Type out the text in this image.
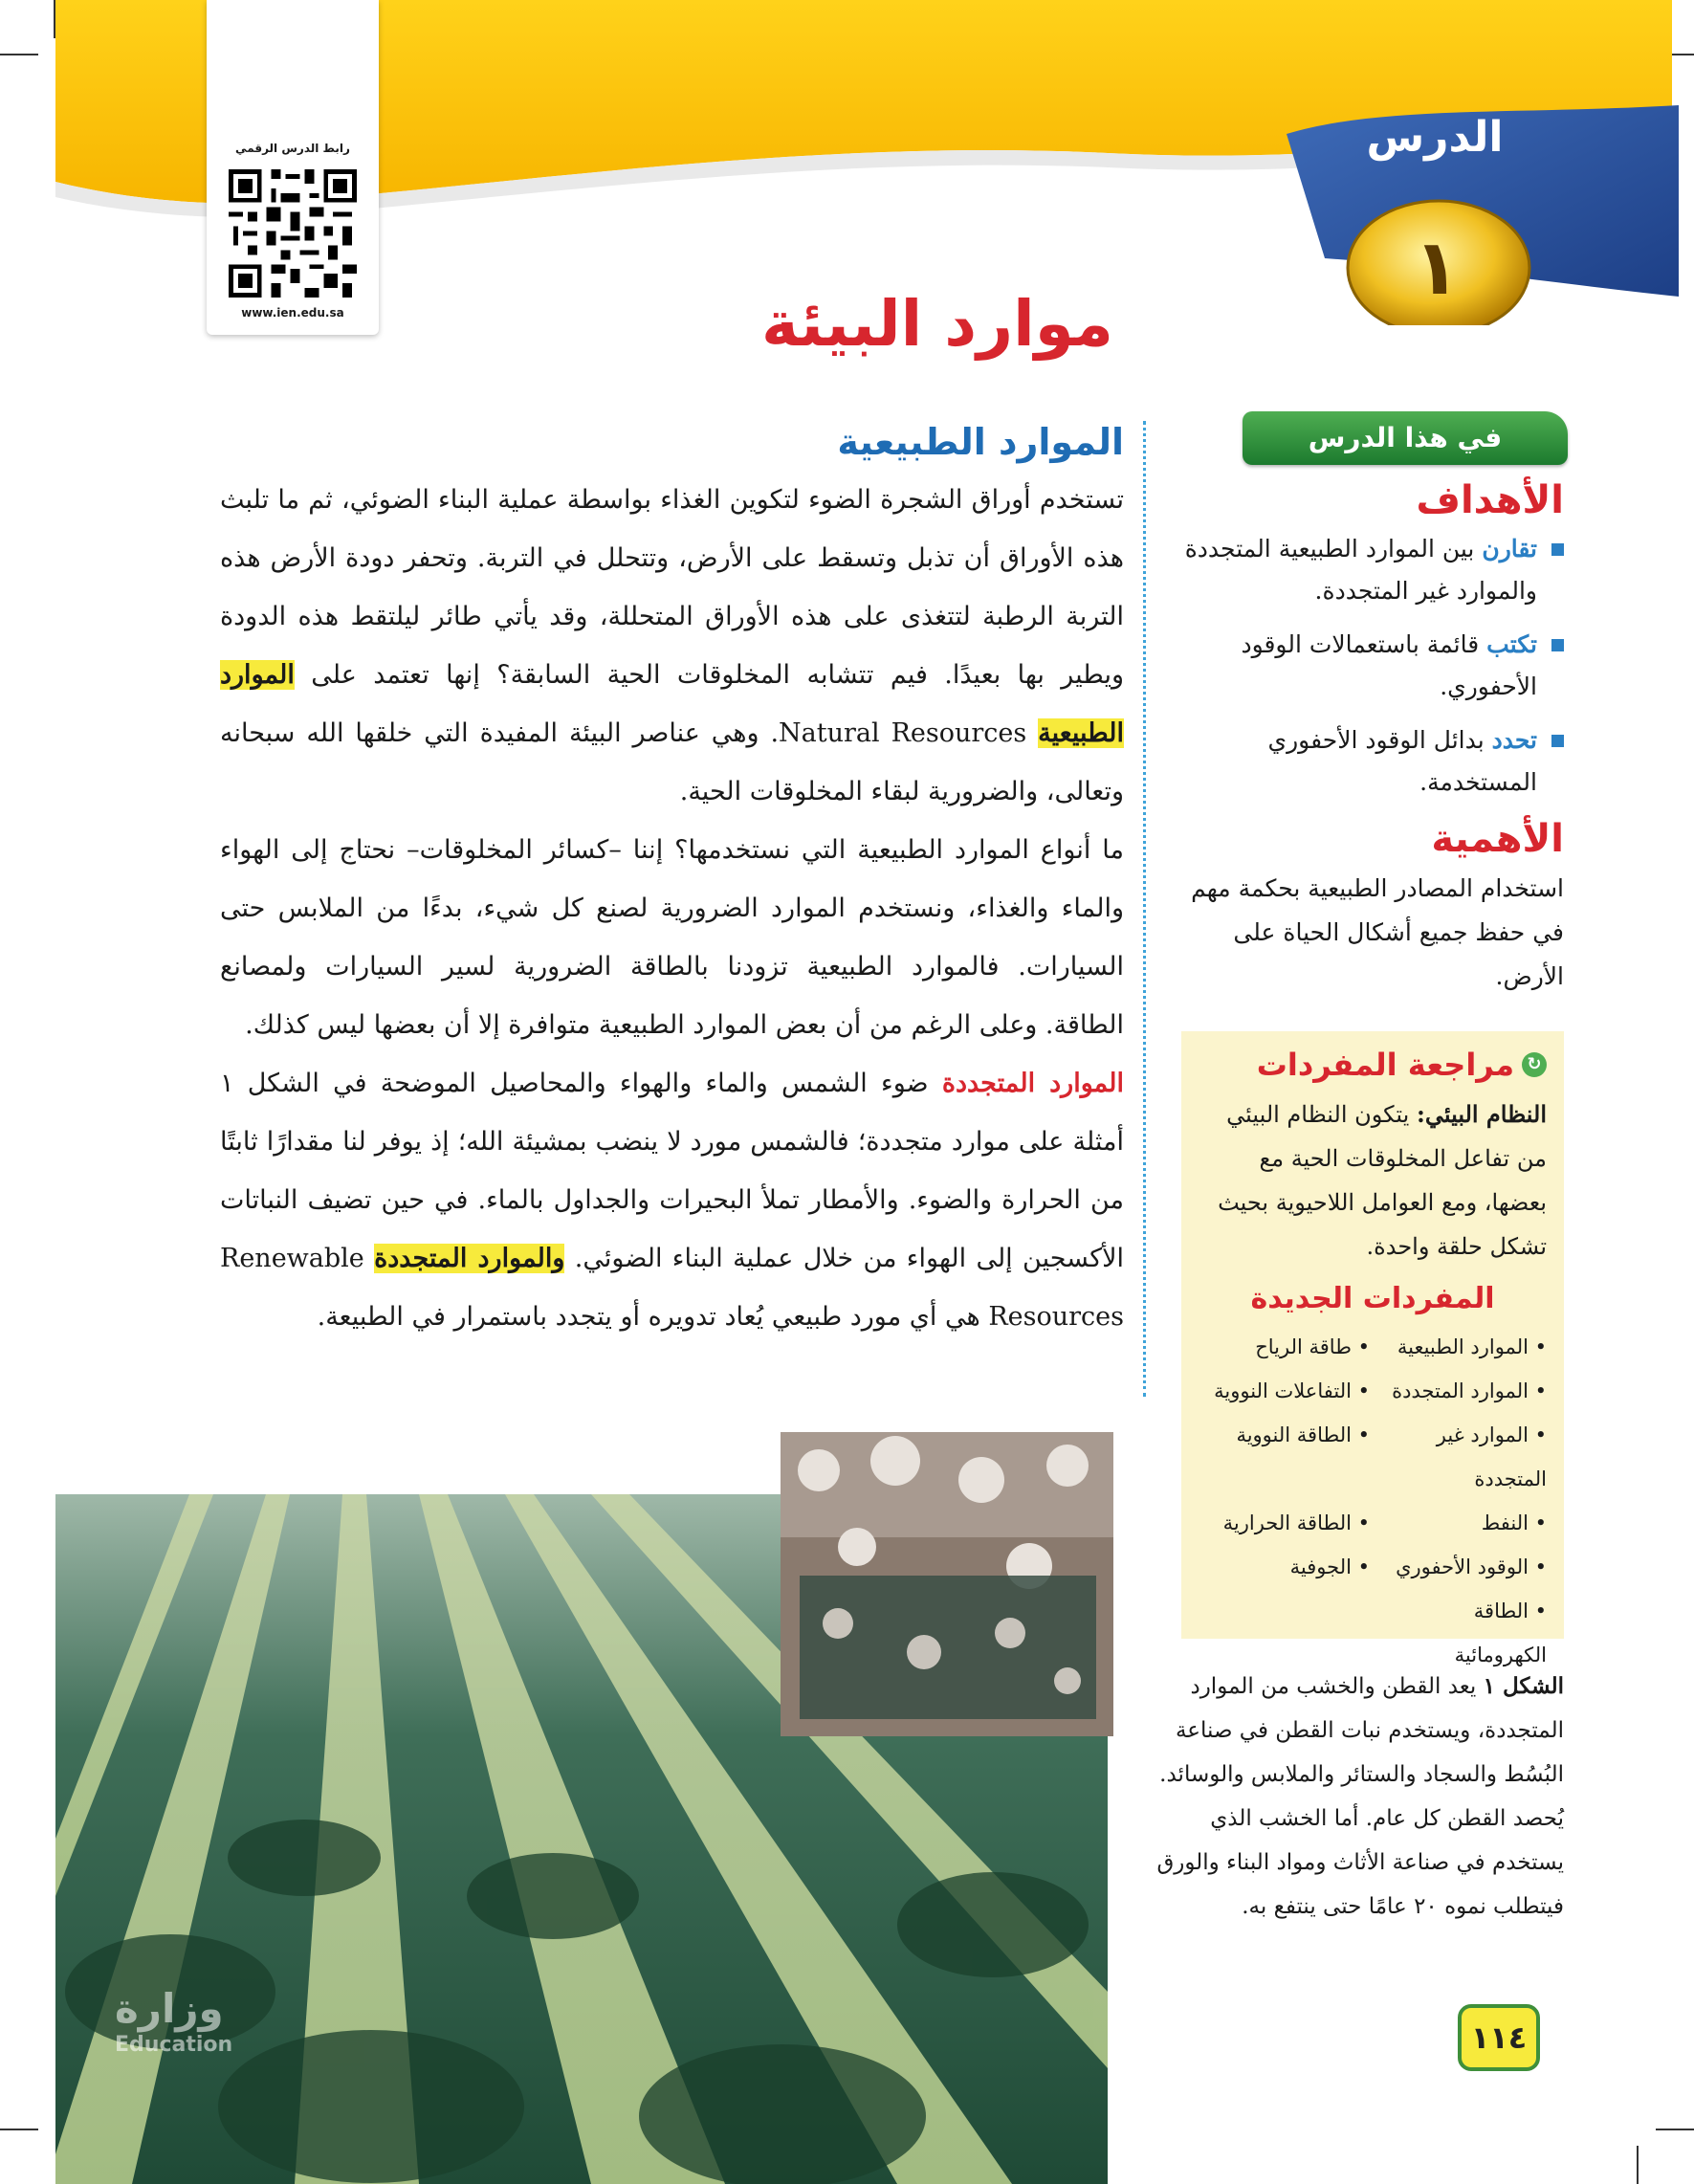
رابط الدرس الرقمي
www.ien.edu.sa
الدرس
١
موارد البيئة
الموارد الطبيعية

تستخدم أوراق الشجرة الضوء لتكوين الغذاء بواسطة عملية البناء الضوئي، ثم ما تلبث هذه الأوراق أن تذبل وتسقط على الأرض، وتتحلل في التربة. وتحفر دودة الأرض هذه التربة الرطبة لتتغذى على هذه الأوراق المتحللة، وقد يأتي طائر ليلتقط هذه الدودة ويطير بها بعيدًا. فيم تتشابه المخلوقات الحية السابقة؟ إنها تعتمد على الموارد الطبيعية Natural Resources. وهي عناصر البيئة المفيدة التي خلقها الله سبحانه وتعالى، والضرورية لبقاء المخلوقات الحية.

ما أنواع الموارد الطبيعية التي نستخدمها؟ إننا –كسائر المخلوقات– نحتاج إلى الهواء والماء والغذاء، ونستخدم الموارد الضرورية لصنع كل شيء، بدءًا من الملابس حتى السيارات. فالموارد الطبيعية تزودنا بالطاقة الضرورية لسير السيارات ولمصانع الطاقة. وعلى الرغم من أن بعض الموارد الطبيعية متوافرة إلا أن بعضها ليس كذلك.

الموارد المتجددة ضوء الشمس والماء والهواء والمحاصيل الموضحة في الشكل ١ أمثلة على موارد متجددة؛ فالشمس مورد لا ينضب بمشيئة الله؛ إذ يوفر لنا مقدارًا ثابتًا من الحرارة والضوء. والأمطار تملأ البحيرات والجداول بالماء. في حين تضيف النباتات الأكسجين إلى الهواء من خلال عملية البناء الضوئي. والموارد المتجددة Renewable Resources هي أي مورد طبيعي يُعاد تدويره أو يتجدد باستمرار في الطبيعة.

في هذا الدرس
الأهداف

تقارن بين الموارد الطبيعية المتجددة والموارد غير المتجددة.

تكتب قائمة باستعمالات الوقود الأحفوري.

تحدد بدائل الوقود الأحفوري المستخدمة.

الأهمية

استخدام المصادر الطبيعية بحكمة مهم في حفظ جميع أشكال الحياة على الأرض.

↻
مراجعة المفردات

النظام البيئي: يتكون النظام البيئي من تفاعل المخلوقات الحية مع بعضها، ومع العوامل اللاحيوية بحيث تشكل حلقة واحدة.

المفردات الجديدة
• الموارد الطبيعية
• طاقة الرياح
• الموارد المتجددة
• التفاعلات النووية
• الموارد غير المتجددة
• الطاقة النووية
• النفط
• الطاقة الحرارية
• الوقود الأحفوري
• الجوفية
• الطاقة الكهرومائية
الشكل ١ يعد القطن والخشب من الموارد المتجددة، ويستخدم نبات القطن في صناعة البُسُط والسجاد والستائر والملابس والوسائد. يُحصد القطن كل عام. أما الخشب الذي يستخدم في صناعة الأثاث ومواد البناء والورق فيتطلب نموه ٢٠ عامًا حتى ينتفع به.
١١٤
وزارة
Education
